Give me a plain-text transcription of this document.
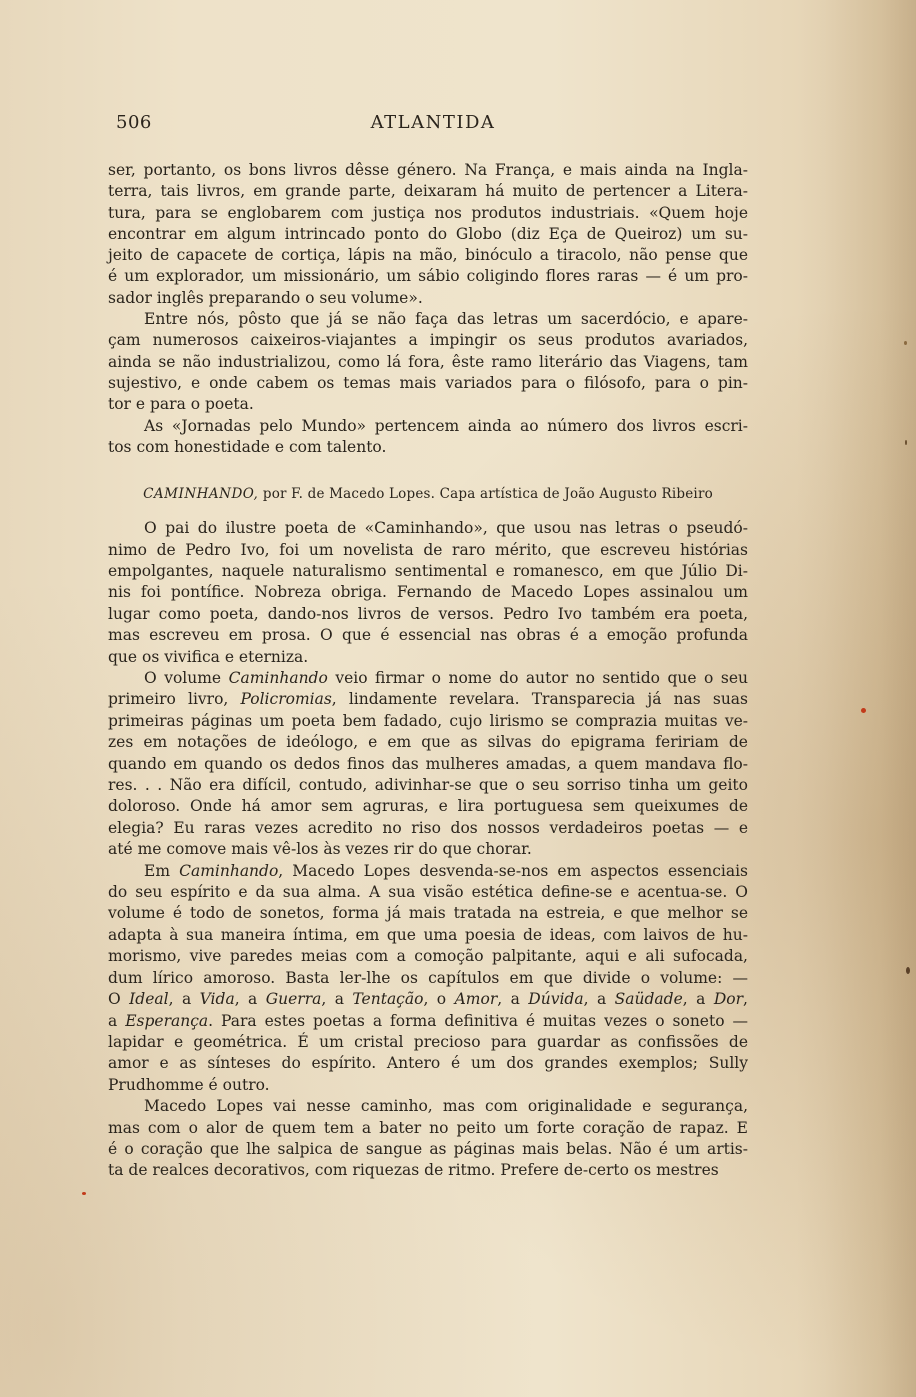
506	ATLANTIDA

ser, portanto, os bons livros dêsse género. Na França, e mais ainda na Ingla-
terra, tais livros, em grande parte, deixaram há muito de pertencer a Litera-
tura, para se englobarem com justiça nos produtos industriais. «Quem hoje
encontrar em algum intrincado ponto do Globo (diz Eça de Queiroz) um su-
jeito de capacete de cortiça, lápis na mão, binóculo a tiracolo, não pense que
é um explorador, um missionário, um sábio coligindo flores raras — é um pro-
sador inglês preparando o seu volume».

Entre nós, pôsto que já se não faça das letras um sacerdócio, e apare-
çam numerosos caixeiros-viajantes a impingir os seus produtos avariados,
ainda se não industrializou, como lá fora, êste ramo literário das Viagens, tam
sujestivo, e onde cabem os temas mais variados para o filósofo, para o pin-
tor e para o poeta.

As «Jornadas pelo Mundo» pertencem ainda ao número dos livros escri-
tos com honestidade e com talento.

CAMINHANDO, por F. de Macedo Lopes. Capa artística de João Augusto Ribeiro

O pai do ilustre poeta de «Caminhando», que usou nas letras o pseudó-
nimo de Pedro Ivo, foi um novelista de raro mérito, que escreveu histórias
empolgantes, naquele naturalismo sentimental e romanesco, em que Júlio Di-
nis foi pontífice. Nobreza obriga. Fernando de Macedo Lopes assinalou um
lugar como poeta, dando-nos livros de versos. Pedro Ivo também era poeta,
mas escreveu em prosa. O que é essencial nas obras é a emoção profunda
que os vivifica e eterniza.

O volume Caminhando veio firmar o nome do autor no sentido que o seu
primeiro livro, Policromias, lindamente revelara. Transparecia já nas suas
primeiras páginas um poeta bem fadado, cujo lirismo se comprazia muitas ve-
zes em notações de ideólogo, e em que as silvas do epigrama feririam de
quando em quando os dedos finos das mulheres amadas, a quem mandava flo-
res. . . Não era difícil, contudo, adivinhar-se que o seu sorriso tinha um geito
doloroso. Onde há amor sem agruras, e lira portuguesa sem queixumes de
elegia? Eu raras vezes acredito no riso dos nossos verdadeiros poetas — e
até me comove mais vê-los às vezes rir do que chorar.

Em Caminhando, Macedo Lopes desvenda-se-nos em aspectos essenciais
do seu espírito e da sua alma. A sua visão estética define-se e acentua-se. O
volume é todo de sonetos, forma já mais tratada na estreia, e que melhor se
adapta à sua maneira íntima, em que uma poesia de ideas, com laivos de hu-
morismo, vive paredes meias com a comoção palpitante, aqui e ali sufocada,
dum lírico amoroso. Basta ler-lhe os capítulos em que divide o volume: —
O Ideal, a Vida, a Guerra, a Tentação, o Amor, a Dúvida, a Saüdade, a Dor,
a Esperança. Para estes poetas a forma definitiva é muitas vezes o soneto —
lapidar e geométrica. É um cristal precioso para guardar as confissões de
amor e as sínteses do espírito. Antero é um dos grandes exemplos; Sully
Prudhomme é outro.

Macedo Lopes vai nesse caminho, mas com originalidade e segurança,
mas com o alor de quem tem a bater no peito um forte coração de rapaz. E
é o coração que lhe salpica de sangue as páginas mais belas. Não é um artis-
ta de realces decorativos, com riquezas de ritmo. Prefere de-certo os mestres
